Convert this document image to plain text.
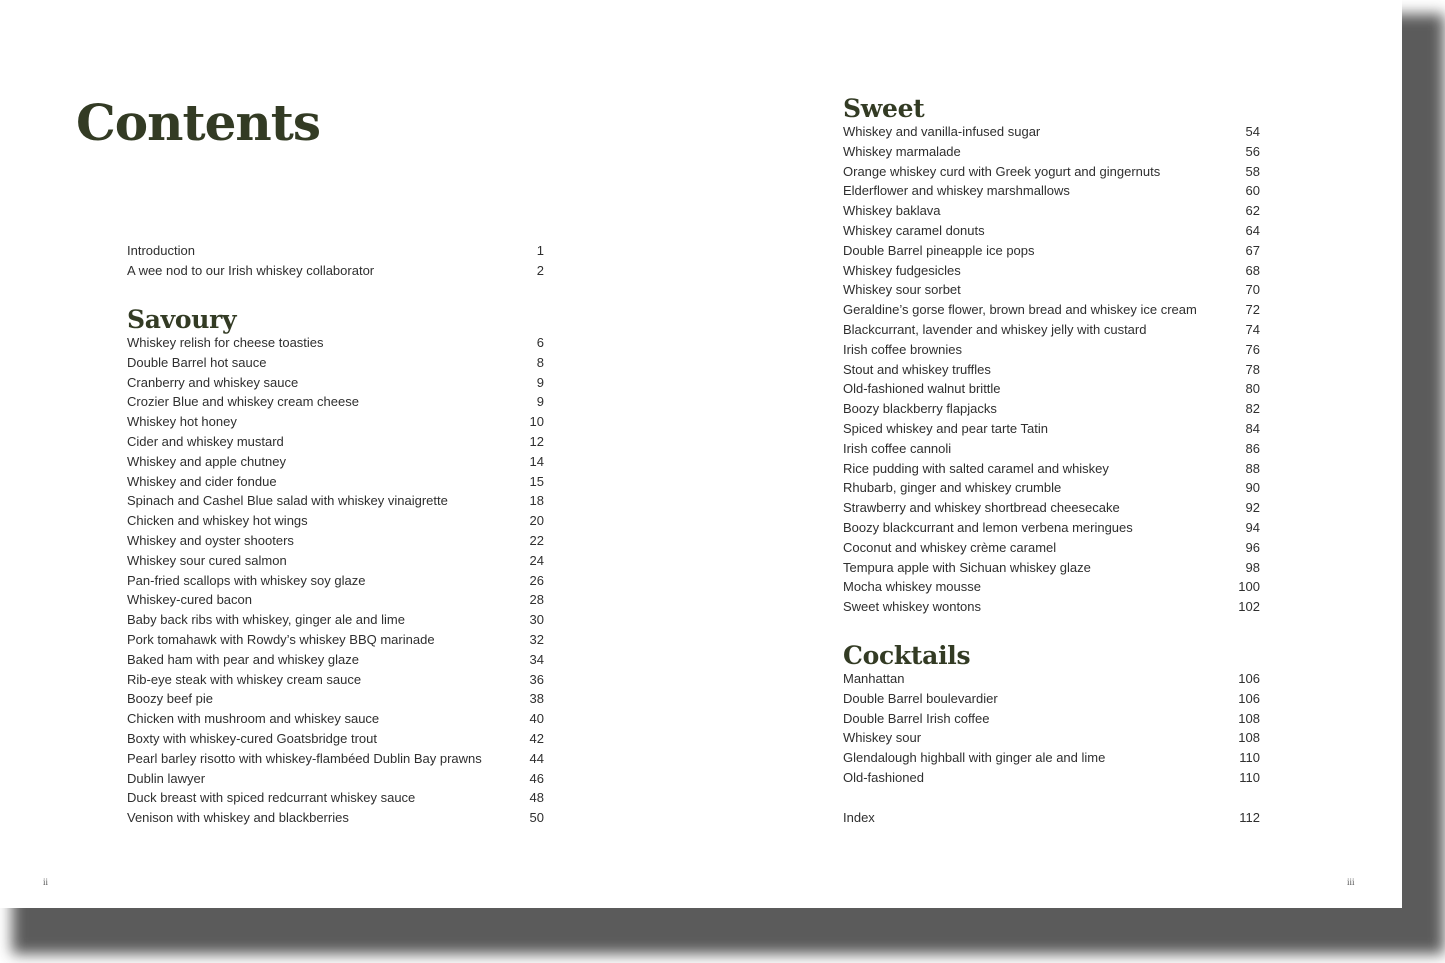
Contents
Introduction	1
A wee nod to our Irish whiskey collaborator	2
Savoury
Whiskey relish for cheese toasties	6
Double Barrel hot sauce	8
Cranberry and whiskey sauce	9
Crozier Blue and whiskey cream cheese	9
Whiskey hot honey	10
Cider and whiskey mustard	12
Whiskey and apple chutney	14
Whiskey and cider fondue	15
Spinach and Cashel Blue salad with whiskey vinaigrette	18
Chicken and whiskey hot wings	20
Whiskey and oyster shooters	22
Whiskey sour cured salmon	24
Pan-fried scallops with whiskey soy glaze	26
Whiskey-cured bacon	28
Baby back ribs with whiskey, ginger ale and lime	30
Pork tomahawk with Rowdy’s whiskey BBQ marinade	32
Baked ham with pear and whiskey glaze	34
Rib-eye steak with whiskey cream sauce	36
Boozy beef pie	38
Chicken with mushroom and whiskey sauce	40
Boxty with whiskey-cured Goatsbridge trout	42
Pearl barley risotto with whiskey-flambéed Dublin Bay prawns	44
Dublin lawyer	46
Duck breast with spiced redcurrant whiskey sauce	48
Venison with whiskey and blackberries	50
ii
Sweet
Whiskey and vanilla-infused sugar	54
Whiskey marmalade	56
Orange whiskey curd with Greek yogurt and gingernuts	58
Elderflower and whiskey marshmallows	60
Whiskey baklava	62
Whiskey caramel donuts	64
Double Barrel pineapple ice pops	67
Whiskey fudgesicles	68
Whiskey sour sorbet	70
Geraldine’s gorse flower, brown bread and whiskey ice cream	72
Blackcurrant, lavender and whiskey jelly with custard	74
Irish coffee brownies	76
Stout and whiskey truffles	78
Old-fashioned walnut brittle	80
Boozy blackberry flapjacks	82
Spiced whiskey and pear tarte Tatin	84
Irish coffee cannoli	86
Rice pudding with salted caramel and whiskey	88
Rhubarb, ginger and whiskey crumble	90
Strawberry and whiskey shortbread cheesecake	92
Boozy blackcurrant and lemon verbena meringues	94
Coconut and whiskey crème caramel	96
Tempura apple with Sichuan whiskey glaze	98
Mocha whiskey mousse	100
Sweet whiskey wontons	102
Cocktails
Manhattan	106
Double Barrel boulevardier	106
Double Barrel Irish coffee	108
Whiskey sour	108
Glendalough highball with ginger ale and lime	110
Old-fashioned	110
Index	112
iii
